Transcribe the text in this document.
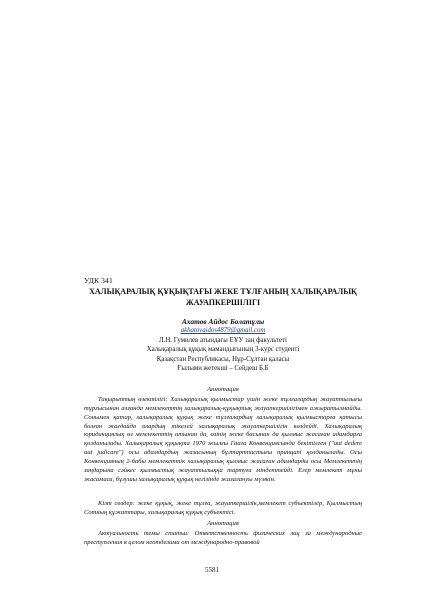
УДК 341
ХАЛЫҚАРАЛЫҚ ҚҰҚЫҚТАҒЫ ЖЕКЕ ТҰЛҒАНЫҢ ХАЛЫҚАРАЛЫҚ ЖАУАПКЕРШІЛІГІ
Ахатов Айдос Болатұлы
akhatovaidos4879@gmail.com
Л.Н. Гумилев атындағы ЕҰУ заң факультеті
Халықаралық құқық мамандығының 3-курс студенті
Қазақстан Республикасы, Нұр-Сұлтан қаласы
Ғылыми жетекші – Сейдеш Б.Б
Аннотация
Тақырыптың өзектілігі: Халықаралық қылмыстар үшін жеке тұлғалардың жауаптылығы тұрғысынан алғанда мемлекеттің халықаралық-құқықтық жауапкершілігімен ажыратылмайды. Сонымен қатар, халықаралық құқық жеке тұлғалардың халықаралық қылмыстарға қатысы болған жағдайда олардың тікелей халықаралық жауапкершілігін көздейді. Халықаралық юридикциялық өз мемлекеттің атынан да, өзінің жеке басынан да қылмыс жасаған адамдарға қолданылады. Халықаралық құқықта 1970 жылғы Гаага Конвенциясында бекітілген ("aut dedere aut judicare") осы адамдардың жазасының бұлтартпастығы принципі қолданылады. Осы Конвенцияның 2-бабы мемлекеттік халықаралық қылмыс жасаған адамдарды осы Мемлекеттің заңдарына сәйкес қылмыстық жауаптылыққа тартуға міндеттейді. Егер мемлекет мұны жасамаса, бұзушы халықаралық құқық негізінде жазалануы мүмкін.
Кілт сөздер: жеке құқық, жеке тұлға, жауапкершілік,мемлекет субъектілер, Қылмыстың Сотның құжаттары, халықаралық құқық субъектісі.
Аннотация
Актуальность темы статьи: Ответственность физических лиц за международные преступления в целом неотделима от международно-правовой
5581
